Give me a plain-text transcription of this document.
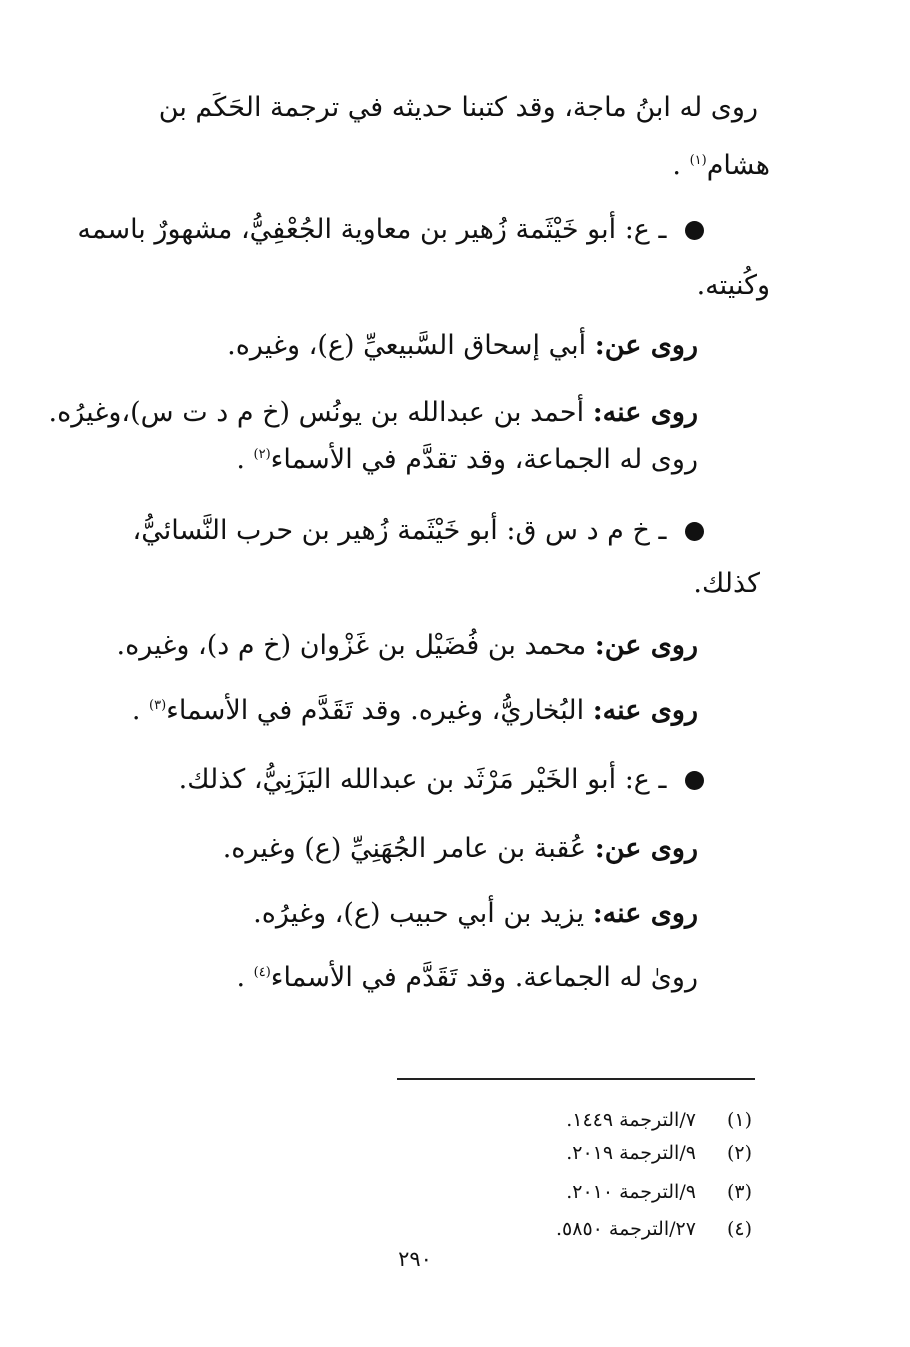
روى له ابنُ ماجة، وقد كتبنا حديثه في ترجمة الحَكَم بن
هشام$^{(١)}$ .
ـ ع: أبو خَيْثَمة زُهير بن معاوية الجُعْفِيُّ، مشهورٌ باسمه
وكُنيته.
روى عن: أبي إسحاق السَّبيعيِّ (ع)، وغيره.
روى عنه: أحمد بن عبدالله بن يونُس (خ م د ت س)،وغيرُه.
روى له الجماعة، وقد تقدَّم في الأسماء$^{(٢)}$ .
ـ خ م د س ق: أبو خَيْثَمة زُهير بن حرب النَّسائيُّ،
كذلك.
روى عن: محمد بن فُضَيْل بن غَزْوان (خ م د)، وغيره.
روى عنه: البُخاريُّ، وغيره. وقد تَقَدَّم في الأسماء$^{(٣)}$ .
ـ ع: أبو الخَيْر مَرْثَد بن عبدالله اليَزَنِيُّ، كذلك.
روى عن: عُقبة بن عامر الجُهَنِيِّ (ع) وغيره.
روى عنه: يزيد بن أبي حبيب (ع)، وغيرُه.
روىٰ له الجماعة. وقد تَقَدَّم في الأسماء$^{(٤)}$ .
(١) ٧/الترجمة ١٤٤٩.
(٢) ٩/الترجمة ٢٠١٩.
(٣) ٩/الترجمة ٢٠١٠.
(٤) ٢٧/الترجمة ٥٨٥٠.
٢٩٠
